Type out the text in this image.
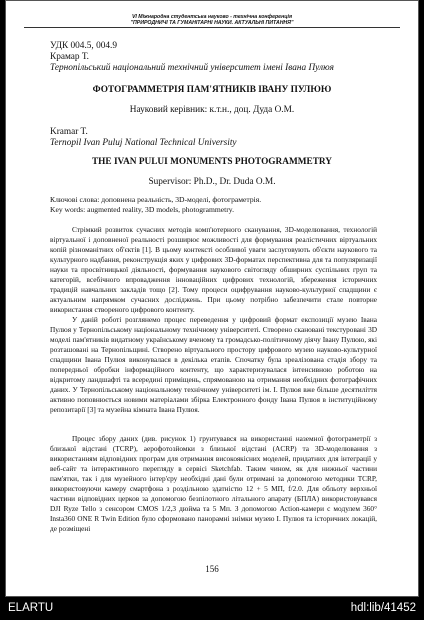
VI Міжнародна студентська науково - технічна конференція
"ПРИРОДНИЧІ ТА ГУМАНІТАРНІ НАУКИ. АКТУАЛЬНІ ПИТАННЯ"
УДК 004.5, 004.9
Крамар Т.
Тернопільський національний технічний університет імені Івана Пулюя
ФОТОГРАММЕТРІЯ ПАМ'ЯТНИКІВ ІВАНУ ПУЛЮЮ
Науковий керівник: к.т.н., доц. Дуда О.М.
Kramar T.
Ternopil Ivan Puluj National Technical University
THE IVAN PULUI MONUMENTS PHOTOGRAMMETRY
Supervisor: Ph.D., Dr. Duda O.M.
Ключові слова: доповнена реальність, 3D-моделі, фотограметрія.
Key words: augmented reality, 3D models, photogrammetry.

Стрімкий розвиток сучасних методів комп'ютерного сканування, 3D-моделювання, технологій віртуальної і доповненої реальності розширює можливості для формування реалістичних віртуальних копій різноманітних об'єктів [1]. В цьому контексті особливої уваги заслуговують об'єкти наукового та культурного надбання, реконструкція яких у цифрових 3D-форматах перспективна для та популяризації науки та просвітницької діяльності, формування наукового світогляду обширних суспільних груп та категорій, всебічного впровадження інноваційних цифрових технологій, збереження історичних традицій навчальних закладів тощо [2]. Тому процеси оцифрування науково-культурної спадщини є актуальним напрямком сучасних досліджень. При цьому потрібно забезпечити стале повторне використання створеного цифрового контенту.

У даній роботі розглянемо процес переведення у цифровий формат експозиції музею Івана Пулюя у Тернопільському національному технічному університеті. Створено скановані текстуровані 3D моделі пам'ятників видатному українському вченому та громадсько-політичному діячу Івану Пулюю, які розташовані на Тернопільщині. Створено віртуального простору цифрового музею науково-культурної спадщини Івана Пулюя виконувалася в декілька етапів. Спочатку була зреалізована стадія збору та попередньої обробки інформаційного контенту, що характеризувалася інтенсивною роботою на відкритому ландшафті та всередині приміщень, спрямованою на отримання необхідних фотографічних даних. У Тернопільському національному технічному університеті ім. І. Пулюя вже більше десятиліття активно поповнюється новими матеріалами збірка Електронного фонду Івана Пулюя в інституційному репозитарії [3] та музейна кімната Івана Пулюя.

Процес збору даних (див. рисунок 1) грунтувався на використанні наземної фотограметрії з близької відстані (TCRP), аерофотозйомки з близької відстані (ACRP) та 3D-моделювання з використанням відповідних програм для отримання високоякісних моделей, придатних для інтеграції у веб-сайт та інтерактивного перегляду в сервісі Sketchfab. Таким чином, як для нижньої частини пам'ятки, так і для музейного інтер'єру необхідні дані були отримані за допомогою методики TCRP, використовуючи камеру смартфона з роздільною здатністю 12 + 5 МП, f/2.0. Для обльоту верхньої частини відповідних церков за допомогою безпілотного літального апарату (БПЛА) використовувався DJI Ryze Tello з сенсором CMOS 1/2,3 дюйма та 5 Мп. З допомогою Action-камери с модулем 360° Insta360 ONE R Twin Edition було сформовано панорамні знімки музею І. Пулюя та історичних локацій, де розміщені

156
ELARTU	hdl:lib/41452
